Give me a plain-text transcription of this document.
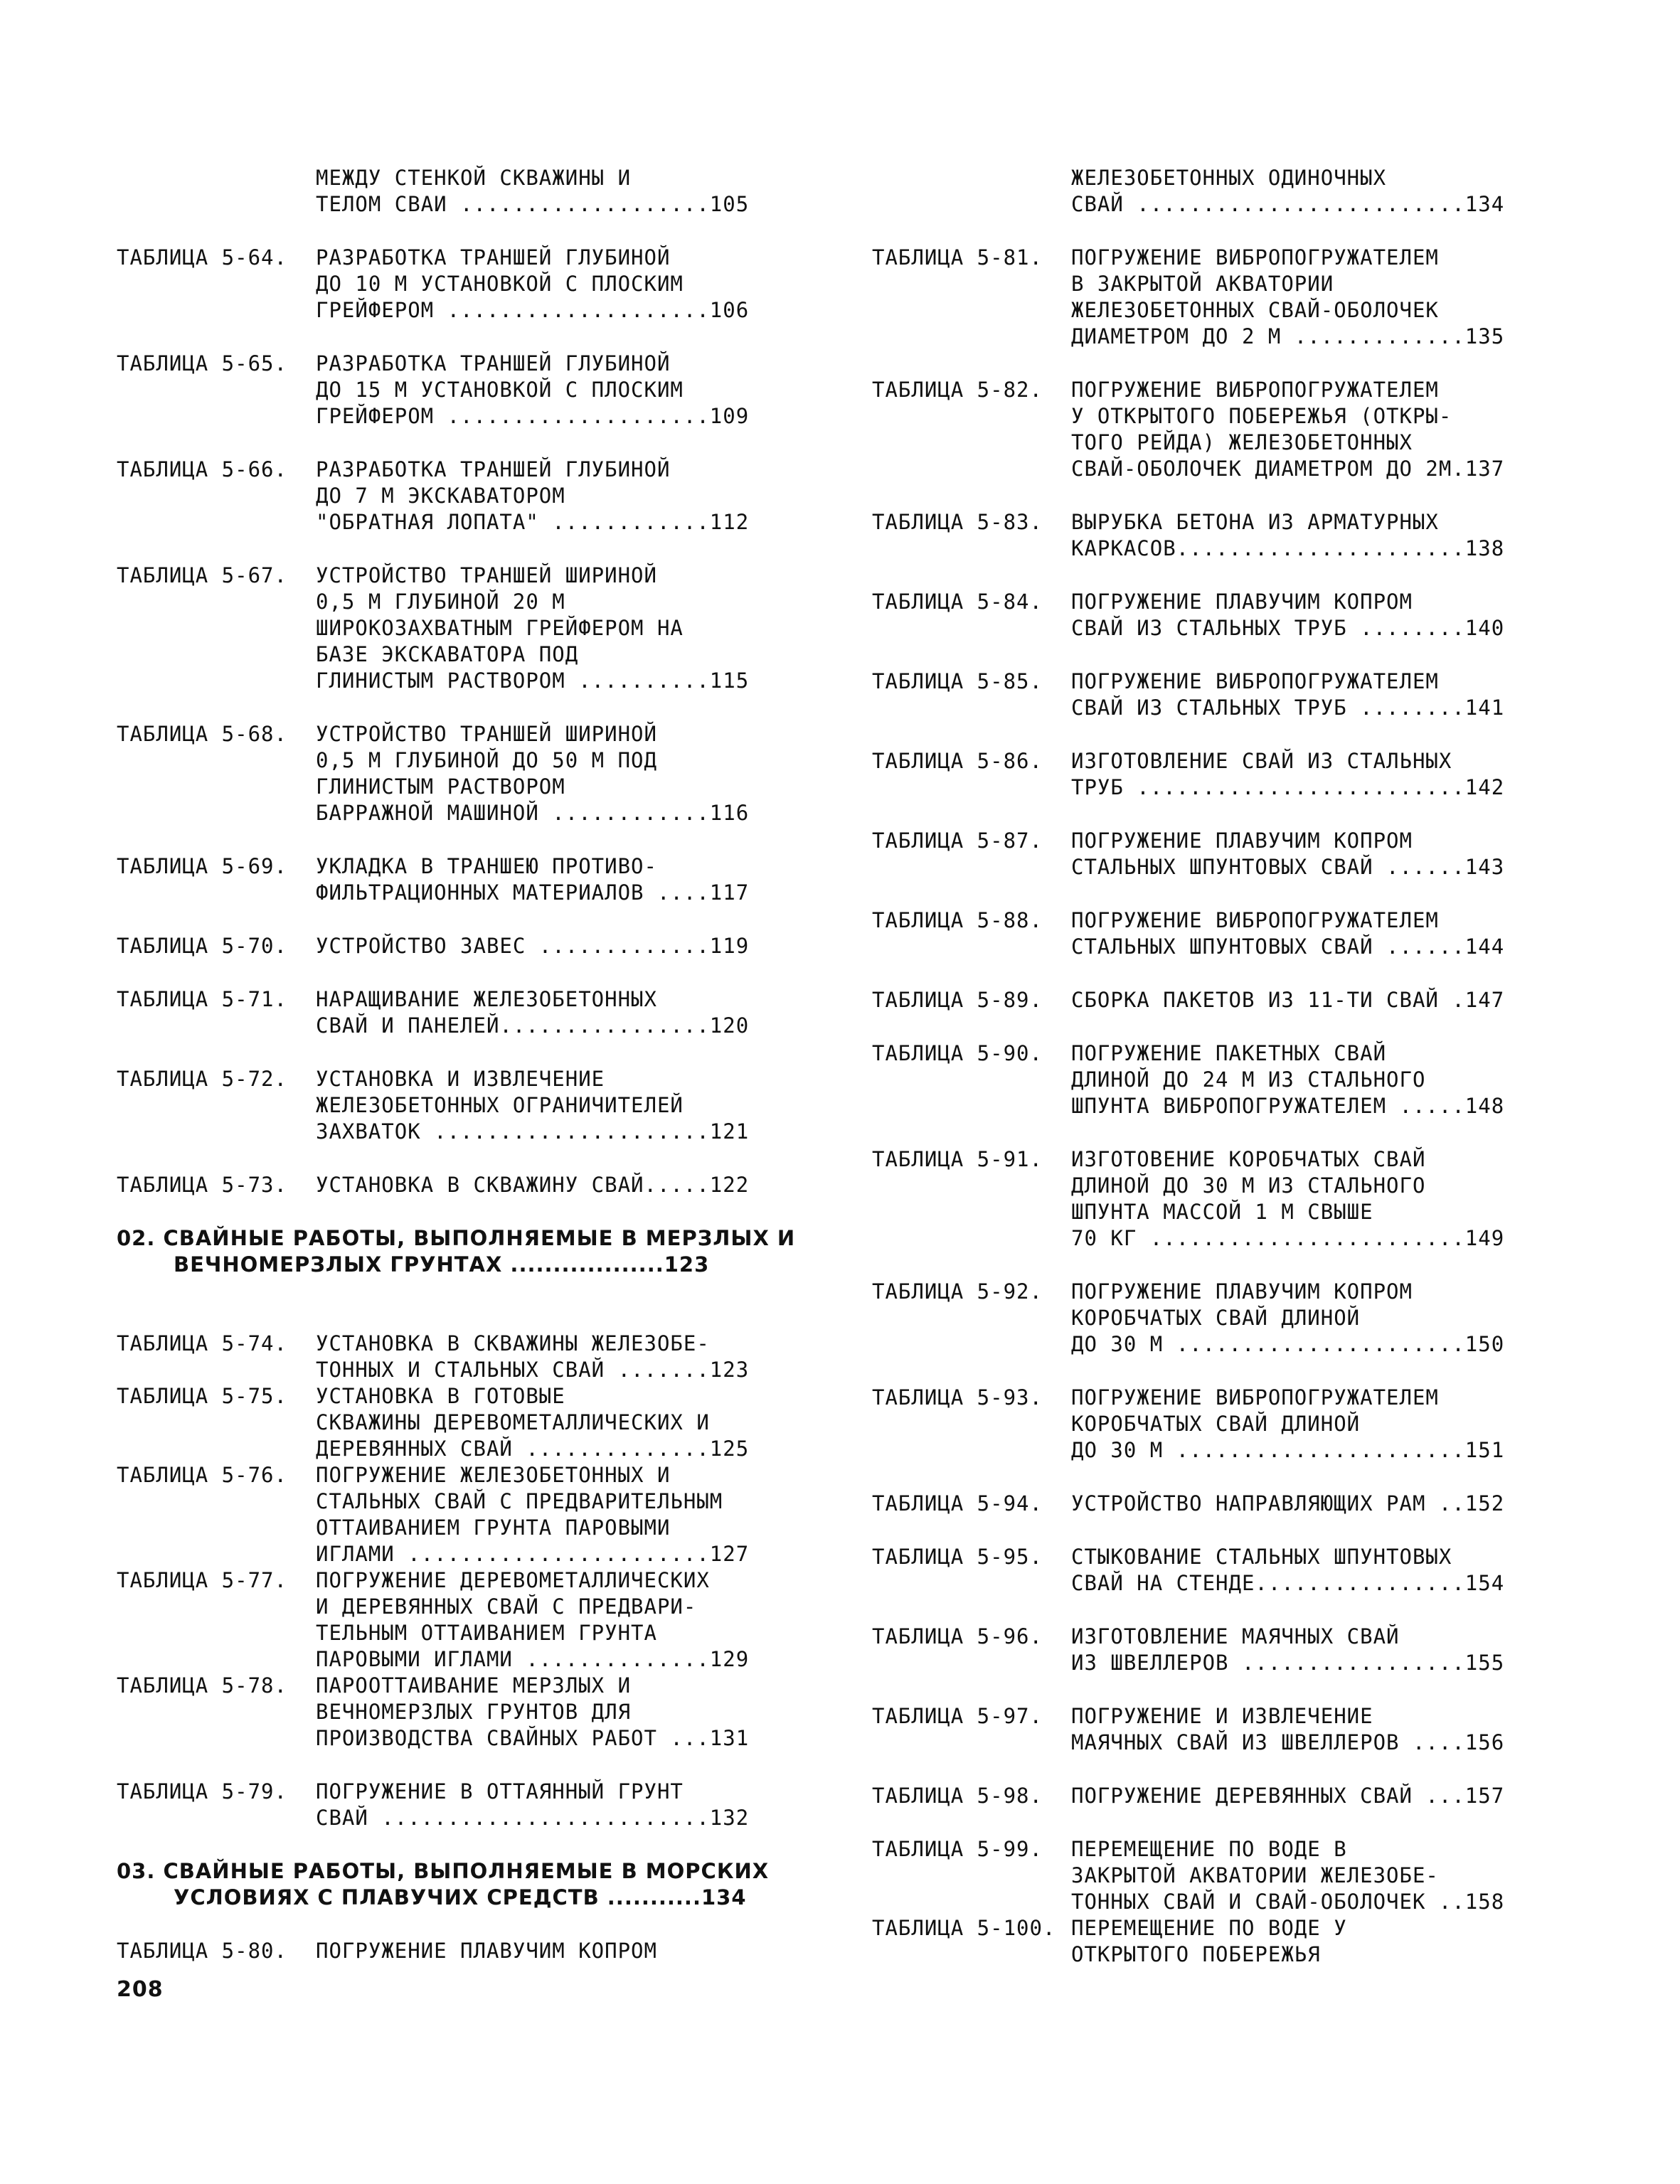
МЕЖДУ СТЕНКОЙ СКВАЖИНЫ И
ТЕЛОМ СВАИ ...................105
ТАБЛИЦА 5-64.	РАЗРАБОТКА ТРАНШЕЙ ГЛУБИНОЙ
ДО 10 М УСТАНОВКОЙ С ПЛОСКИМ
ГРЕЙФЕРОМ ....................106
ТАБЛИЦА 5-65.	РАЗРАБОТКА ТРАНШЕЙ ГЛУБИНОЙ
ДО 15 М УСТАНОВКОЙ С ПЛОСКИМ
ГРЕЙФЕРОМ ....................109
ТАБЛИЦА 5-66.	РАЗРАБОТКА ТРАНШЕЙ ГЛУБИНОЙ
ДО 7 М ЭКСКАВАТОРОМ
"ОБРАТНАЯ ЛОПАТА" ............112
ТАБЛИЦА 5-67.	УСТРОЙСТВО ТРАНШЕЙ ШИРИНОЙ
0,5 М ГЛУБИНОЙ 20 М
ШИРОКОЗАХВАТНЫМ ГРЕЙФЕРОМ НА
БАЗЕ ЭКСКАВАТОРА ПОД
ГЛИНИСТЫМ РАСТВОРОМ ..........115
ТАБЛИЦА 5-68.	УСТРОЙСТВО ТРАНШЕЙ ШИРИНОЙ
0,5 М ГЛУБИНОЙ ДО 50 М ПОД
ГЛИНИСТЫМ РАСТВОРОМ
БАРРАЖНОЙ МАШИНОЙ ............116
ТАБЛИЦА 5-69.	УКЛАДКА В ТРАНШЕЮ ПРОТИВО-
ФИЛЬТРАЦИОННЫХ МАТЕРИАЛОВ ....117
ТАБЛИЦА 5-70.	УСТРОЙСТВО ЗАВЕС .............119
ТАБЛИЦА 5-71.	НАРАЩИВАНИЕ ЖЕЛЕЗОБЕТОННЫХ
СВАЙ И ПАНЕЛЕЙ................120
ТАБЛИЦА 5-72.	УСТАНОВКА И ИЗВЛЕЧЕНИЕ
ЖЕЛЕЗОБЕТОННЫХ ОГРАНИЧИТЕЛЕЙ
ЗАХВАТОК .....................121
ТАБЛИЦА 5-73.	УСТАНОВКА В СКВАЖИНУ СВАЙ.....122
02. СВАЙНЫЕ РАБОТЫ, ВЫПОЛНЯЕМЫЕ В МЕРЗЛЫХ И
ВЕЧНОМЕРЗЛЫХ ГРУНТАХ ..................123
ТАБЛИЦА 5-74.	УСТАНОВКА В СКВАЖИНЫ ЖЕЛЕЗОБЕ-
ТОННЫХ И СТАЛЬНЫХ СВАЙ .......123
ТАБЛИЦА 5-75.	УСТАНОВКА В ГОТОВЫЕ
СКВАЖИНЫ ДЕРЕВОМЕТАЛЛИЧЕСКИХ И
ДЕРЕВЯННЫХ СВАЙ ..............125
ТАБЛИЦА 5-76.	ПОГРУЖЕНИЕ ЖЕЛЕЗОБЕТОННЫХ И
СТАЛЬНЫХ СВАЙ С ПРЕДВАРИТЕЛЬНЫМ
ОТТАИВАНИЕМ ГРУНТА ПАРОВЫМИ
ИГЛАМИ .......................127
ТАБЛИЦА 5-77.	ПОГРУЖЕНИЕ ДЕРЕВОМЕТАЛЛИЧЕСКИХ
И ДЕРЕВЯННЫХ СВАЙ С ПРЕДВАРИ-
ТЕЛЬНЫМ ОТТАИВАНИЕМ ГРУНТА
ПАРОВЫМИ ИГЛАМИ ..............129
ТАБЛИЦА 5-78.	ПАРООТТАИВАНИЕ МЕРЗЛЫХ И
ВЕЧНОМЕРЗЛЫХ ГРУНТОВ ДЛЯ
ПРОИЗВОДСТВА СВАЙНЫХ РАБОТ ...131
ТАБЛИЦА 5-79.	ПОГРУЖЕНИЕ В ОТТАЯННЫЙ ГРУНТ
СВАЙ .........................132
03. СВАЙНЫЕ РАБОТЫ, ВЫПОЛНЯЕМЫЕ В МОРСКИХ
УСЛОВИЯХ С ПЛАВУЧИХ СРЕДСТВ ...........134
ТАБЛИЦА 5-80.	ПОГРУЖЕНИЕ ПЛАВУЧИМ КОПРОМ
ЖЕЛЕЗОБЕТОННЫХ ОДИНОЧНЫХ
СВАЙ .........................134
ТАБЛИЦА 5-81.	ПОГРУЖЕНИЕ ВИБРОПОГРУЖАТЕЛЕМ
В ЗАКРЫТОЙ АКВАТОРИИ
ЖЕЛЕЗОБЕТОННЫХ СВАЙ-ОБОЛОЧЕК
ДИАМЕТРОМ ДО 2 М .............135
ТАБЛИЦА 5-82.	ПОГРУЖЕНИЕ ВИБРОПОГРУЖАТЕЛЕМ
У ОТКРЫТОГО ПОБЕРЕЖЬЯ (ОТКРЫ-
ТОГО РЕЙДА) ЖЕЛЕЗОБЕТОННЫХ
СВАЙ-ОБОЛОЧЕК ДИАМЕТРОМ ДО 2М.137
ТАБЛИЦА 5-83.	ВЫРУБКА БЕТОНА ИЗ АРМАТУРНЫХ
КАРКАСОВ......................138
ТАБЛИЦА 5-84.	ПОГРУЖЕНИЕ ПЛАВУЧИМ КОПРОМ
СВАЙ ИЗ СТАЛЬНЫХ ТРУБ ........140
ТАБЛИЦА 5-85.	ПОГРУЖЕНИЕ ВИБРОПОГРУЖАТЕЛЕМ
СВАЙ ИЗ СТАЛЬНЫХ ТРУБ ........141
ТАБЛИЦА 5-86.	ИЗГОТОВЛЕНИЕ СВАЙ ИЗ СТАЛЬНЫХ
ТРУБ .........................142
ТАБЛИЦА 5-87.	ПОГРУЖЕНИЕ ПЛАВУЧИМ КОПРОМ
СТАЛЬНЫХ ШПУНТОВЫХ СВАЙ ......143
ТАБЛИЦА 5-88.	ПОГРУЖЕНИЕ ВИБРОПОГРУЖАТЕЛЕМ
СТАЛЬНЫХ ШПУНТОВЫХ СВАЙ ......144
ТАБЛИЦА 5-89.	СБОРКА ПАКЕТОВ ИЗ 11-ТИ СВАЙ .147
ТАБЛИЦА 5-90.	ПОГРУЖЕНИЕ ПАКЕТНЫХ СВАЙ
ДЛИНОЙ ДО 24 М ИЗ СТАЛЬНОГО
ШПУНТА ВИБРОПОГРУЖАТЕЛЕМ .....148
ТАБЛИЦА 5-91.	ИЗГОТОВЕНИЕ КОРОБЧАТЫХ СВАЙ
ДЛИНОЙ ДО 30 М ИЗ СТАЛЬНОГО
ШПУНТА МАССОЙ 1 М СВЫШЕ
70 КГ ........................149
ТАБЛИЦА 5-92.	ПОГРУЖЕНИЕ ПЛАВУЧИМ КОПРОМ
КОРОБЧАТЫХ СВАЙ ДЛИНОЙ
ДО 30 М ......................150
ТАБЛИЦА 5-93.	ПОГРУЖЕНИЕ ВИБРОПОГРУЖАТЕЛЕМ
КОРОБЧАТЫХ СВАЙ ДЛИНОЙ
ДО 30 М ......................151
ТАБЛИЦА 5-94.	УСТРОЙСТВО НАПРАВЛЯЮЩИХ РАМ ..152
ТАБЛИЦА 5-95.	СТЫКОВАНИЕ СТАЛЬНЫХ ШПУНТОВЫХ
СВАЙ НА СТЕНДЕ................154
ТАБЛИЦА 5-96.	ИЗГОТОВЛЕНИЕ МАЯЧНЫХ СВАЙ
ИЗ ШВЕЛЛЕРОВ .................155
ТАБЛИЦА 5-97.	ПОГРУЖЕНИЕ И ИЗВЛЕЧЕНИЕ
МАЯЧНЫХ СВАЙ ИЗ ШВЕЛЛЕРОВ ....156
ТАБЛИЦА 5-98.	ПОГРУЖЕНИЕ ДЕРЕВЯННЫХ СВАЙ ...157
ТАБЛИЦА 5-99.	ПЕРЕМЕЩЕНИЕ ПО ВОДЕ В
ЗАКРЫТОЙ АКВАТОРИИ ЖЕЛЕЗОБЕ-
ТОННЫХ СВАЙ И СВАЙ-ОБОЛОЧЕК ..158
ТАБЛИЦА 5-100. ПЕРЕМЕЩЕНИЕ ПО ВОДЕ У
ОТКРЫТОГО ПОБЕРЕЖЬЯ
208
